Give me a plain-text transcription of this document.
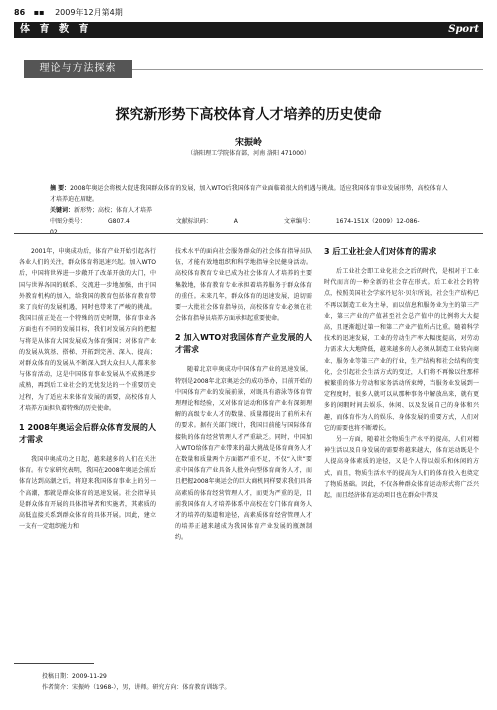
86 ▪▪ 2009年12月第4期
体 育 教 育	Sport
理论与方法探索
探究新形势下高校体育人才培养的历史使命
宋振岭
（洛阳理工学院体育部，河南 洛阳 471000）

摘 要：2008年奥运会将极大促进我国群众体育的发展，加入WTO后我国体育产业面临着很大的机遇与挑战。适应我国体育事业发展形势，高校体育人才培养迫在眉睫。

关键词：新形势；高校；体育人才培养

中图分类号：	G807.4	文献标识码：	A	文章编号：	1674-151X（2009）12-086-

2001年，申奥成功后，体育产业开始引起各行各业人们的关注，群众体育将迅速兴起。加入WTO后，中国将世界进一步敞开了改革开放的大门，中国与世界各国的联系、交流进一步地加强，由于国外教育机构的加入，给我国的教育包括体育教育带来了良好的发展机遇，同时也带来了严峻的挑战。我国目前正处在一个特殊的历史时期，体育事业各方面也有不同的发展目标，我们对发展方向的把握与将是从体育大国发展成为体育强国；对体育产业的发展从筑基、搭梯、开拓到完善、深入、提高；对群众体育的发展从不断深入到大众扫人人都来参与体育活动，这是中国体育事业发展从不成熟逐步成熟，再到后工业社会的无忧发达的一个重要历史过程，为了适应未来体育发展的需要，高校体育人才培养方面担负着特殊的历史使命。

1 2008年奥运会后群众体育发展的人才需求

我国申奥成功之日起，越来越多的人们在关注体育。有专家研究表明，我国在2008年奥运会前后体育达到高潮之后，将迎来我国体育事业上的另一个高潮，那就是群众体育的迅速发展。社会指导员是群众体育开展的具体指导者和实施者，其素质的高低直接关系到群众体育的具体开展。因此，建立一支有一定组织能力和

技术水平的面向社会服务群众的社会体育指导员队伍，才能有效地组织和科学地指导全民健身活动。高校体育教育专业已成为社会体育人才培养的主要集散地，体育教育专业承担着培养服务于群众体育的重任。未来几年，群众体育的迅速发展，迫切需要一大批社会体育指导员，高校体育专业必须在社会体育指导员培养方面承担起重要使命。

2 加入WTO对我国体育产业发展的人才需求

随着北京申奥成功中国体育产业的迅速发展，特别是2008年北京奥运会的成功举办，目前开始的中国体育产业的发展前景，对既具有游泳等体育管理理论和经验，又对体育运动和体育产业有深刻理解的高级专业人才的数量、质量都提出了前所未有的要求。据有关部门统计，我国目前能与国际体育接轨的体育经营管理人才严重缺乏。同时，中国加入WTO给体育产业带来的最大挑战是体育商务人才在数量和质量两个方面都严重不足，不仅“入世”要求中国体育产业具备人批外向型体育商务人才，而且把握2008年奥运会的巨大商机同样要求我们具备高素质的体育经营管理人才，而更为严重的是，目前我国体育人才培养体系中高校在专门体育商务人才的培养的渠道和途径，高素质体育经营管理人才的培养正越来越成为我国体育产业发展的瓶颈制约。

3 后工业社会人们对体育的需求

后工业社会即工业化社会之后的时代，是相对于工业时代而言的一种全新的社会存在形式。后工业社会的特点，按照美国社会学家丹尼尔·贝尔所说，社会生产结构已不再以制造工业为主导，而以信息和服务业为主的第三产业，第三产业的产值甚至社会总产值中的比例将大大提高，且逐渐超过第一和第二产业产值所占比重。随着科学技术的迅速发展，工业的劳动生产率大幅度提高，对劳动力需求大大地降低，越来越多的人必须从制造工业转向商业、服务业等第三产业的行业，生产结构和社会结构的变化，会引起社会生活方式的变迁，人们将不再像以往那样被繁重的体力劳动和家务活动所束缚，当服务业发展到一定程度时，很多人就可以从那种事务中解放出来，就有更多的闲暇时间去娱乐、休闲、以及发展自己的身体和兴趣，而体育作为人的娱乐、身体发展的重要方式，人们对它的需要也将不断增长。

另一方面，随着社会物质生产水平的提高，人们对精神生活以及自身发展的需要将越来越大，体育运动既是个人提高身体素质的途径，又是个人得以娱乐和休闲的方式，而且，物质生活水平的提高为人们的体育投入也奠定了物质基础。因此，不仅各种群众体育运动形式将广泛兴起，而且经济体育运动项目也在群众中普及

投稿日期：2009-11-29

作者简介：宋振岭（1968-），男，讲师。研究方向：体育教育训练学。
